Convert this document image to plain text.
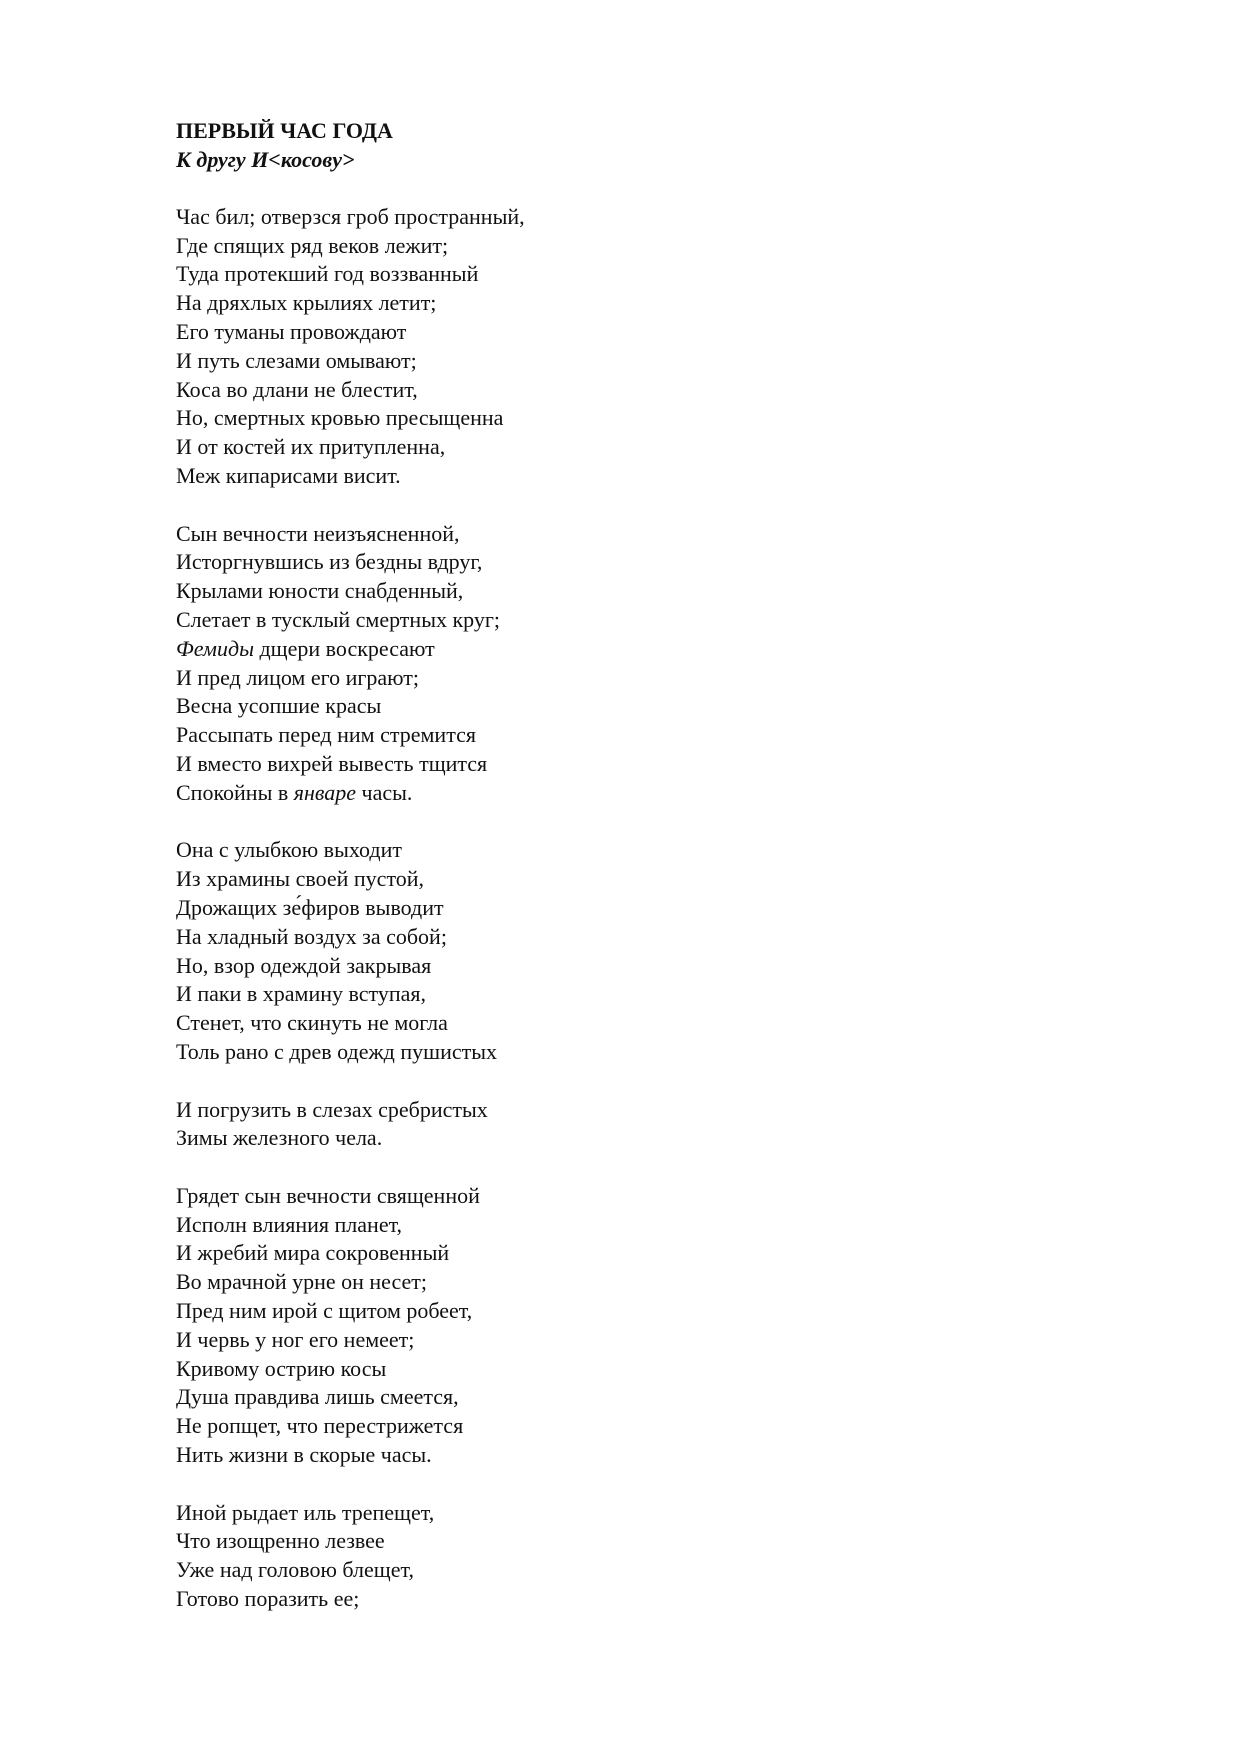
ПЕРВЫЙ ЧАС ГОДА

К другу И<косову>

Час бил; отверзся гроб пространный,
Где спящих ряд веков лежит;
Туда протекший год воззванный
На дряхлых крылиях летит;
Его туманы провождают
И путь слезами омывают;
Коса во длани не блестит,
Но, смертных кровью пресыщенна
И от костей их притупленна,
Меж кипарисами висит.
Сын вечности неизъясненной,
Исторгнувшись из бездны вдруг,
Крылами юности снабденный,
Слетает в тусклый смертных круг;
Фемиды дщери воскресают
И пред лицом его играют;
Весна усопшие красы
Рассыпать перед ним стремится
И вместо вихрей вывесть тщится
Спокойны в январе часы.
Она с улыбкою выходит
Из храмины своей пустой,
Дрожащих зе́фиров выводит
На хладный воздух за собой;
Но, взор одеждой закрывая
И паки в храмину вступая,
Стенет, что скинуть не могла
Толь рано с древ одежд пушистых
И погрузить в слезах сребристых
Зимы железного чела.
Грядет сын вечности священной
Исполн влияния планет,
И жребий мира сокровенный
Во мрачной урне он несет;
Пред ним ирой с щитом робеет,
И червь у ног его немеет;
Кривому острию косы
Душа правдива лишь смеется,
Не ропщет, что перестрижется
Нить жизни в скорые часы.
Иной рыдает иль трепещет,
Что изощренно лезвее
Уже над головою блещет,
Готово поразить ее;
